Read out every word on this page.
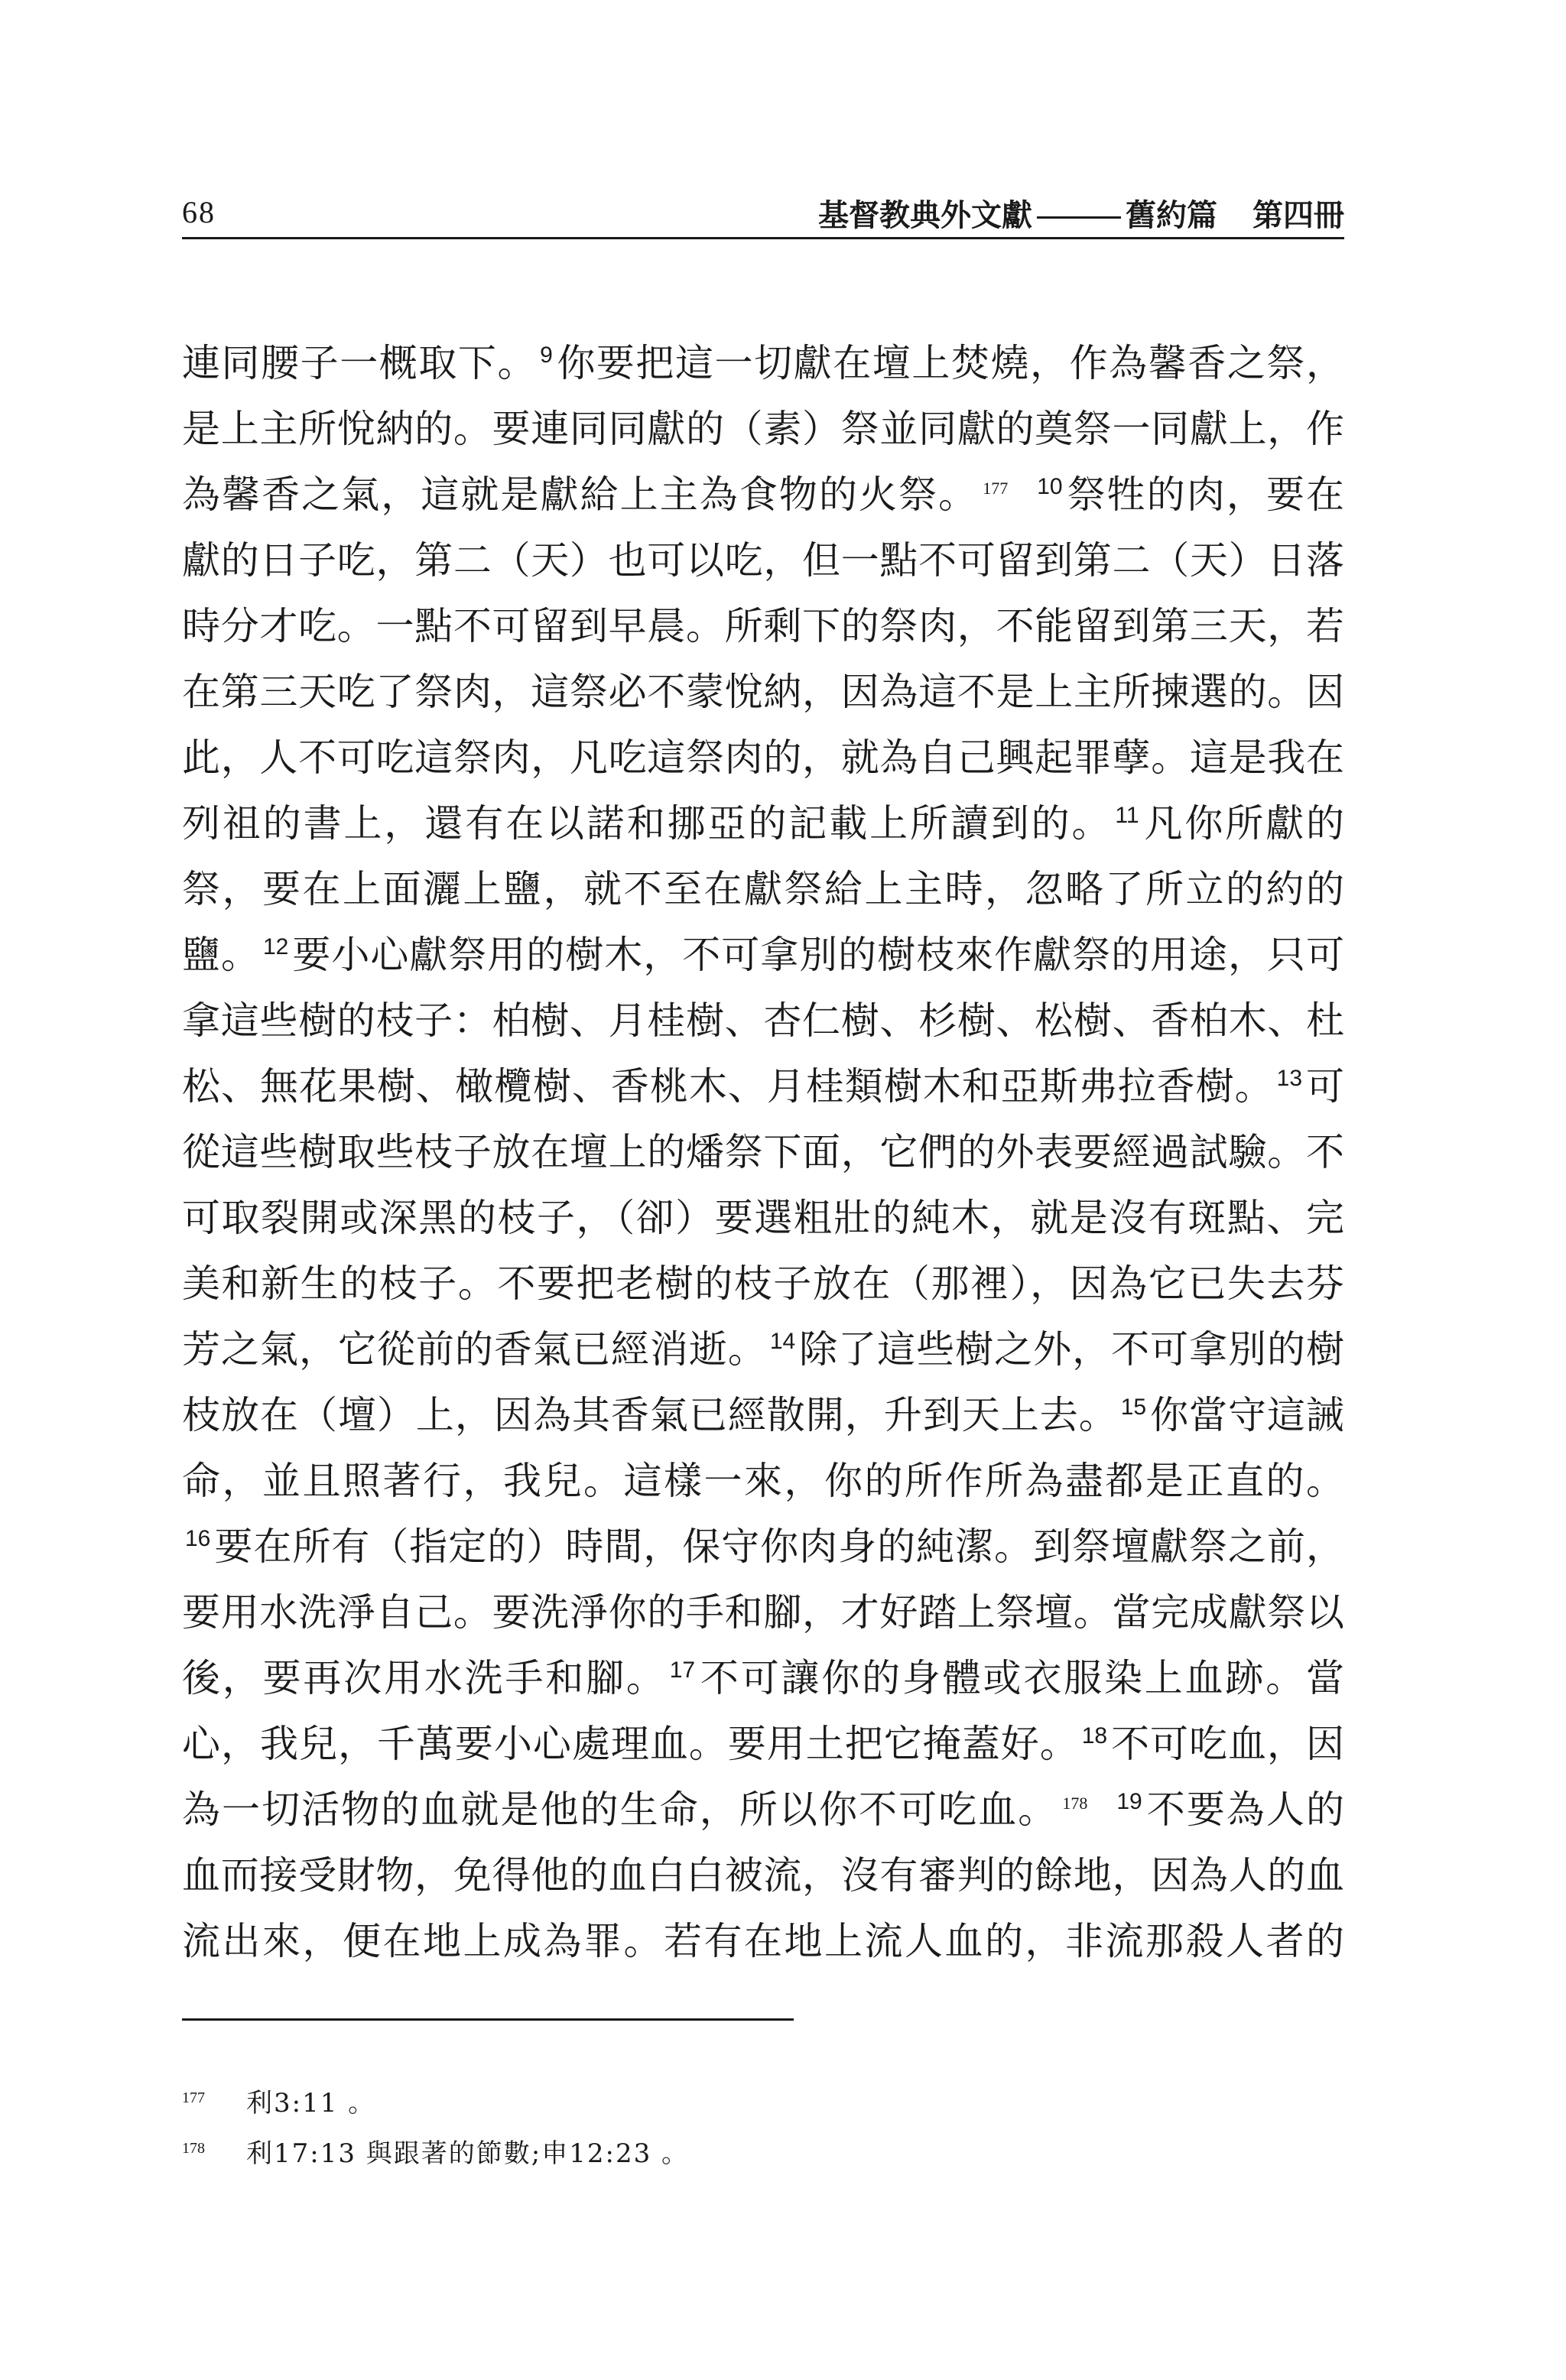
68	基督教典外文獻	舊約篇 第四冊
連同腰子一概取下。 $^9$你要把這一切獻在壇上焚燒，作為馨香之祭，
是上主所悅納的。要連同同獻的（素）祭並同獻的奠祭一同獻上，作
為馨香之氣，這就是獻給上主為食物的火祭。 $^{177}$ $^{10}$祭牲的肉，要在
獻的日子吃，第二（天）也可以吃，但一點不可留到第二（天）日落
時分才吃。一點不可留到早晨。所剩下的祭肉，不能留到第三天，若
在第三天吃了祭肉，這祭必不蒙悅納，因為這不是上主所揀選的。因
此，人不可吃這祭肉，凡吃這祭肉的，就為自己興起罪孽。這是我在
列祖的書上，還有在以諾和挪亞的記載上所讀到的。 $^{11}$凡你所獻的
祭，要在上面灑上鹽，就不至在獻祭給上主時，忽略了所立的約的
鹽。 $^{12}$要小心獻祭用的樹木，不可拿別的樹枝來作獻祭的用途，只可
拿這些樹的枝子：柏樹、月桂樹、杏仁樹、杉樹、松樹、香柏木、杜
松、無花果樹、橄欖樹、香桃木、月桂類樹木和亞斯弗拉香樹。 $^{13}$可
從這些樹取些枝子放在壇上的燔祭下面，它們的外表要經過試驗。不
可取裂開或深黑的枝子，（卻）要選粗壯的純木，就是沒有斑點、完
美和新生的枝子。不要把老樹的枝子放在（那裡），因為它已失去芬
芳之氣，它從前的香氣已經消逝。 $^{14}$除了這些樹之外，不可拿別的樹
枝放在（壇）上，因為其香氣已經散開，升到天上去。 $^{15}$你當守這誡
命，並且照著行，我兒。這樣一來，你的所作所為盡都是正直的。
$^{16}$要在所有（指定的）時間，保守你肉身的純潔。到祭壇獻祭之前，
要用水洗淨自己。要洗淨你的手和腳，才好踏上祭壇。當完成獻祭以
後，要再次用水洗手和腳。 $^{17}$不可讓你的身體或衣服染上血跡。當
心，我兒，千萬要小心處理血。要用土把它掩蓋好。 $^{18}$不可吃血，因
為一切活物的血就是他的生命，所以你不可吃血。 $^{178}$ $^{19}$不要為人的
血而接受財物，免得他的血白白被流，沒有審判的餘地，因為人的血
流出來，便在地上成為罪。若有在地上流人血的，非流那殺人者的
177 利3:11 。
178 利17:13 與跟著的節數;申12:23 。
